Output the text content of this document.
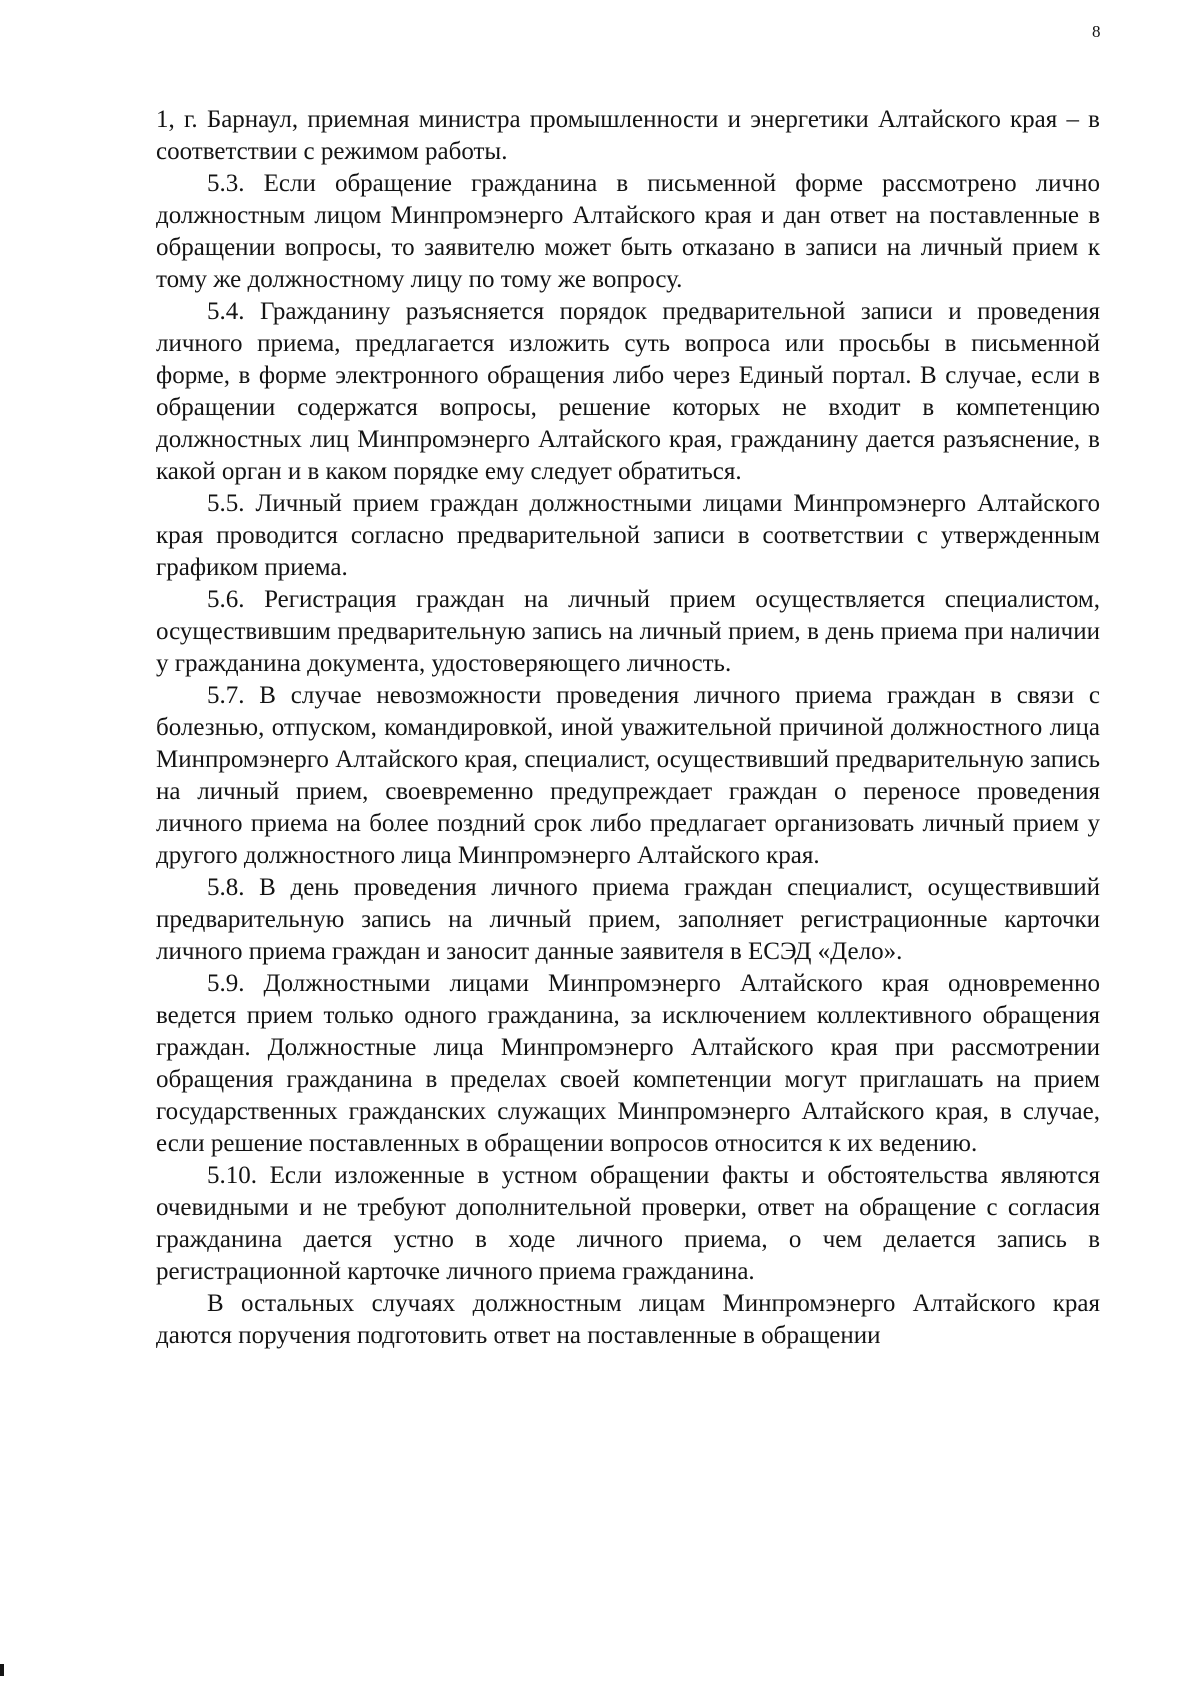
8

1, г. Барнаул, приемная министра промышленности и энергетики Алтайского края – в соответствии с режимом работы.

5.3. Если обращение гражданина в письменной форме рассмотрено лично должностным лицом Минпромэнерго Алтайского края и дан ответ на поставленные в обращении вопросы, то заявителю может быть отказано в записи на личный прием к тому же должностному лицу по тому же вопросу.

5.4. Гражданину разъясняется порядок предварительной записи и проведения личного приема, предлагается изложить суть вопроса или просьбы в письменной форме, в форме электронного обращения либо через Единый портал. В случае, если в обращении содержатся вопросы, решение которых не входит в компетенцию должностных лиц Минпромэнерго Алтайского края, гражданину дается разъяснение, в какой орган и в каком порядке ему следует обратиться.

5.5. Личный прием граждан должностными лицами Минпромэнерго Алтайского края проводится согласно предварительной записи в соответствии с утвержденным графиком приема.

5.6. Регистрация граждан на личный прием осуществляется специалистом, осуществившим предварительную запись на личный прием, в день приема при наличии у гражданина документа, удостоверяющего личность.

5.7. В случае невозможности проведения личного приема граждан в связи с болезнью, отпуском, командировкой, иной уважительной причиной должностного лица Минпромэнерго Алтайского края, специалист, осуществивший предварительную запись на личный прием, своевременно предупреждает граждан о переносе проведения личного приема на более поздний срок либо предлагает организовать личный прием у другого должностного лица Минпромэнерго Алтайского края.

5.8. В день проведения личного приема граждан специалист, осуществивший предварительную запись на личный прием, заполняет регистрационные карточки личного приема граждан и заносит данные заявителя в ЕСЭД «Дело».

5.9. Должностными лицами Минпромэнерго Алтайского края одновременно ведется прием только одного гражданина, за исключением коллективного обращения граждан. Должностные лица Минпромэнерго Алтайского края при рассмотрении обращения гражданина в пределах своей компетенции могут приглашать на прием государственных гражданских служащих Минпромэнерго Алтайского края, в случае, если решение поставленных в обращении вопросов относится к их ведению.

5.10. Если изложенные в устном обращении факты и обстоятельства являются очевидными и не требуют дополнительной проверки, ответ на обращение с согласия гражданина дается устно в ходе личного приема, о чем делается запись в регистрационной карточке личного приема гражданина.

В остальных случаях должностным лицам Минпромэнерго Алтайского края даются поручения подготовить ответ на поставленные в обращении
